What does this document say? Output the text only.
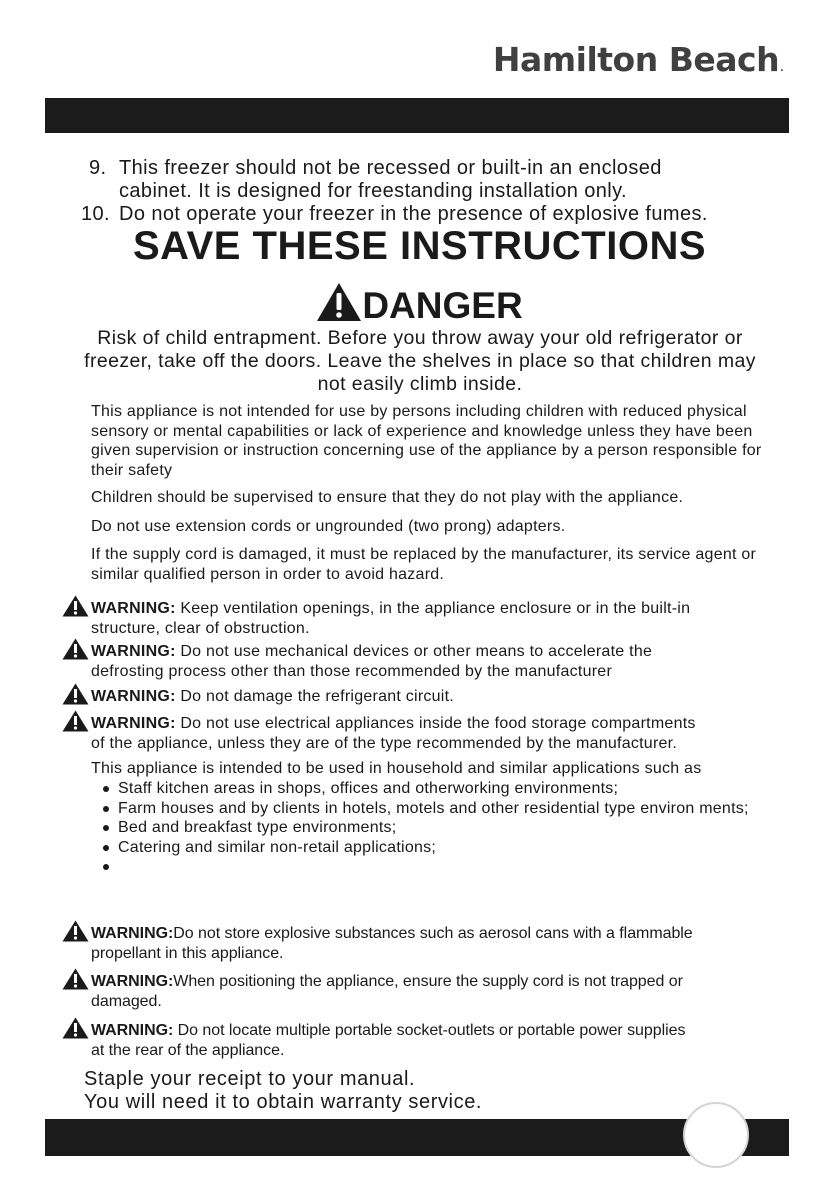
Hamilton Beach.
9. This freezer should not be recessed or built-in an enclosed
cabinet. It is designed for freestanding installation only.
10. Do not operate your freezer in the presence of explosive fumes.
SAVE THESE INSTRUCTIONS
DANGER
Risk of child entrapment. Before you throw away your old refrigerator or freezer, take off the doors. Leave the shelves in place so that children may not easily climb inside.
This appliance is not intended for use by persons including children with reduced physical sensory or mental capabilities or lack of experience and knowledge unless they have been given supervision or instruction concerning use of the appliance by a person responsible for their safety
Children should be supervised to ensure that they do not play with the appliance.
Do not use extension cords or ungrounded (two prong) adapters.
If the supply cord is damaged, it must be replaced by the manufacturer, its service agent or similar qualified person in order to avoid hazard.
WARNING: Keep ventilation openings, in the appliance enclosure or in the built-in
structure, clear of obstruction.
WARNING: Do not use mechanical devices or other means to accelerate the
defrosting process other than those recommended by the manufacturer
WARNING: Do not damage the refrigerant circuit.
WARNING: Do not use electrical appliances inside the food storage compartments
of the appliance, unless they are of the type recommended by the manufacturer.
This appliance is intended to be used in household and similar applications such as
Staff kitchen areas in shops, offices and otherworking environments;
Farm houses and by clients in hotels, motels and other residential type environ ments;
Bed and breakfast type environments;
Catering and similar non-retail applications;
WARNING:Do not store explosive substances such as aerosol cans with a flammable
propellant in this appliance.
WARNING:When positioning the appliance, ensure the supply cord is not trapped or
damaged.
WARNING: Do not locate multiple portable socket-outlets or portable power supplies
at the rear of the appliance.
Staple your receipt to your manual.
You will need it to obtain warranty service.
